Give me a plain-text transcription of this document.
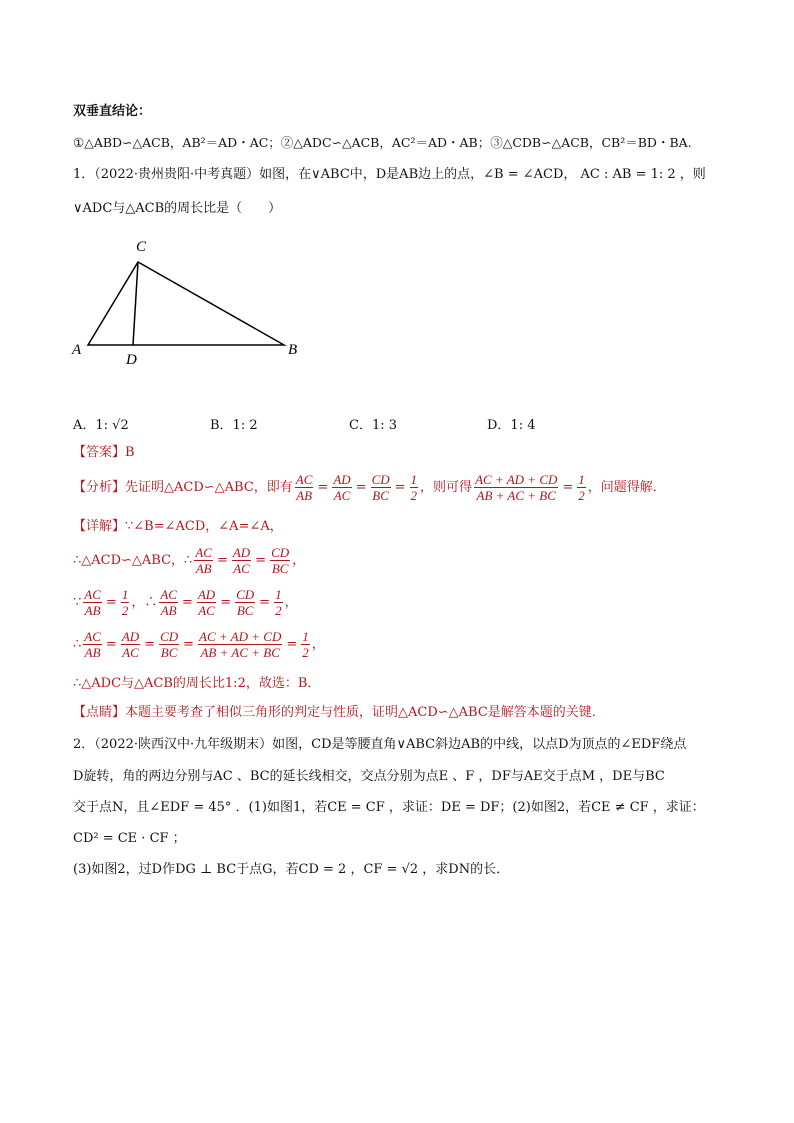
双垂直结论：
①△ABD∽△ACB，AB²＝AD・AC；②△ADC∽△ACB，AC²＝AD・AB；③△CDB∽△ACB，CB²＝BD・BA.
1．（2022·贵州贵阳·中考真题）如图，在∨ABC中，D是AB边上的点，∠B = ∠ACD， AC : AB = 1: 2 ，则
∨ADC与△ACB的周长比是（　　）
C
A
D
B
A．1: √2	B．1: 2	C．1: 3	D．1: 4
【答案】B
【分析】先证明△ACD∽△ABC，即有 $\frac{AC}{AB} = \frac{AD}{AC} = \frac{CD}{BC} = \frac{1}{2}$ ，则可得 $\frac{AC + AD + CD}{AB + AC + BC} = \frac{1}{2}$ ，问题得解．
【详解】∵∠B=∠ACD，∠A=∠A，
∴△ACD∽△ABC，∴ $\frac{AC}{AB} = \frac{AD}{AC} = \frac{CD}{BC}$ ，
∵ $\frac{AC}{AB} = \frac{1}{2}$ ，∴ $\frac{AC}{AB} = \frac{AD}{AC} = \frac{CD}{BC} = \frac{1}{2}$ ，
∴ $\frac{AC}{AB} = \frac{AD}{AC} = \frac{CD}{BC} = \frac{AC + AD + CD}{AB + AC + BC} = \frac{1}{2}$ ，
∴△ADC与△ACB的周长比1:2，故选：B．
【点睛】本题主要考查了相似三角形的判定与性质，证明△ACD∽△ABC是解答本题的关键．
2．（2022·陕西汉中·九年级期末）如图，CD是等腰直角∨ABC斜边AB的中线，以点D为顶点的∠EDF绕点
D旋转，角的两边分别与AC 、BC的延长线相交，交点分别为点E 、F ，DF与AE交于点M ，DE与BC
交于点N，且∠EDF = 45° ．(1)如图1，若CE = CF ，求证：DE = DF；(2)如图2，若CE ≠ CF ，求证：
CD² = CE · CF ；
(3)如图2，过D作DG ⊥ BC于点G，若CD = 2 ，CF = √2 ，求DN的长．
